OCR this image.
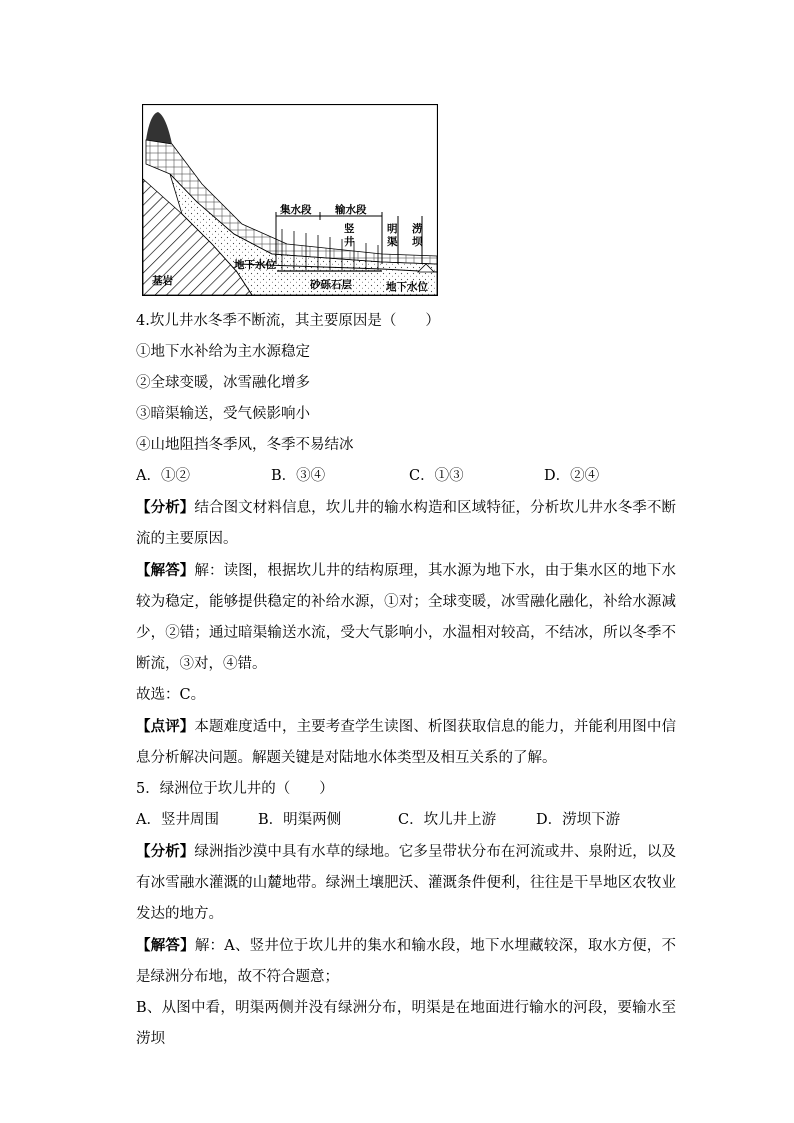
集水段 输水段
竖
井
明
渠
涝
坝
地下水位
砂砾石层	地下水位
基岩
4.坎儿井水冬季不断流，其主要原因是（　　）
①地下水补给为主水源稳定
②全球变暖，冰雪融化增多
③暗渠输送，受气候影响小
④山地阻挡冬季风，冬季不易结冰
A．①②	B．③④	C．①③	D．②④
【分析】结合图文材料信息，坎儿井的输水构造和区域特征，分析坎儿井水冬季不断流的主要原因。
【解答】解：读图，根据坎儿井的结构原理，其水源为地下水，由于集水区的地下水较为稳定，能够提供稳定的补给水源，①对；全球变暖，冰雪融化融化，补给水源减少，②错；通过暗渠输送水流，受大气影响小，水温相对较高，不结冰，所以冬季不断流，③对，④错。
故选：C。
【点评】本题难度适中，主要考查学生读图、析图获取信息的能力，并能利用图中信息分析解决问题。解题关键是对陆地水体类型及相互关系的了解。
5．绿洲位于坎儿井的（　　）
A．竖井周围	B．明渠两侧	C．坎儿井上游	D．涝坝下游
【分析】绿洲指沙漠中具有水草的绿地。它多呈带状分布在河流或井、泉附近，以及有冰雪融水灌溉的山麓地带。绿洲土壤肥沃、灌溉条件便利，往往是干旱地区农牧业发达的地方。
【解答】解：A、竖井位于坎儿井的集水和输水段，地下水埋藏较深，取水方便，不是绿洲分布地，故不符合题意；
B、从图中看，明渠两侧并没有绿洲分布，明渠是在地面进行输水的河段，要输水至涝坝
